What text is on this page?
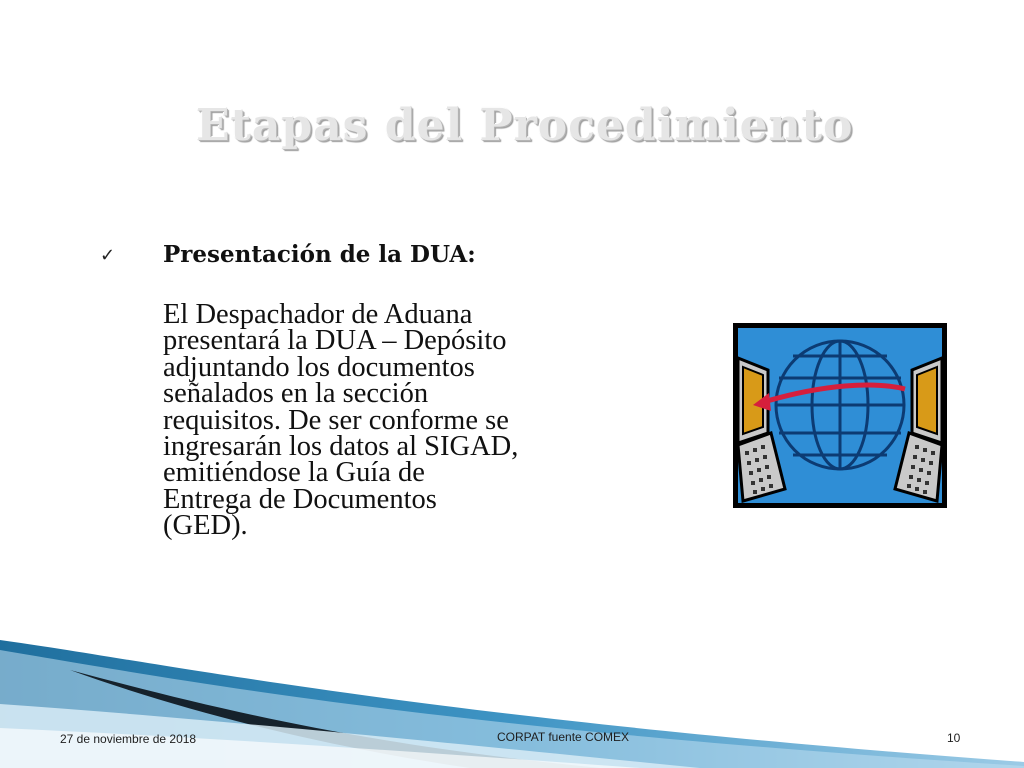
Etapas del Procedimiento
✓ Presentación de la DUA:
El Despachador de Aduana
presentará la DUA – Depósito
adjuntando los documentos
señalados en la sección
requisitos. De ser conforme se
ingresarán los datos al SIGAD,
emitiéndose la Guía de
Entrega de Documentos
(GED).
27 de noviembre de 2018	CORPAT fuente COMEX	10
